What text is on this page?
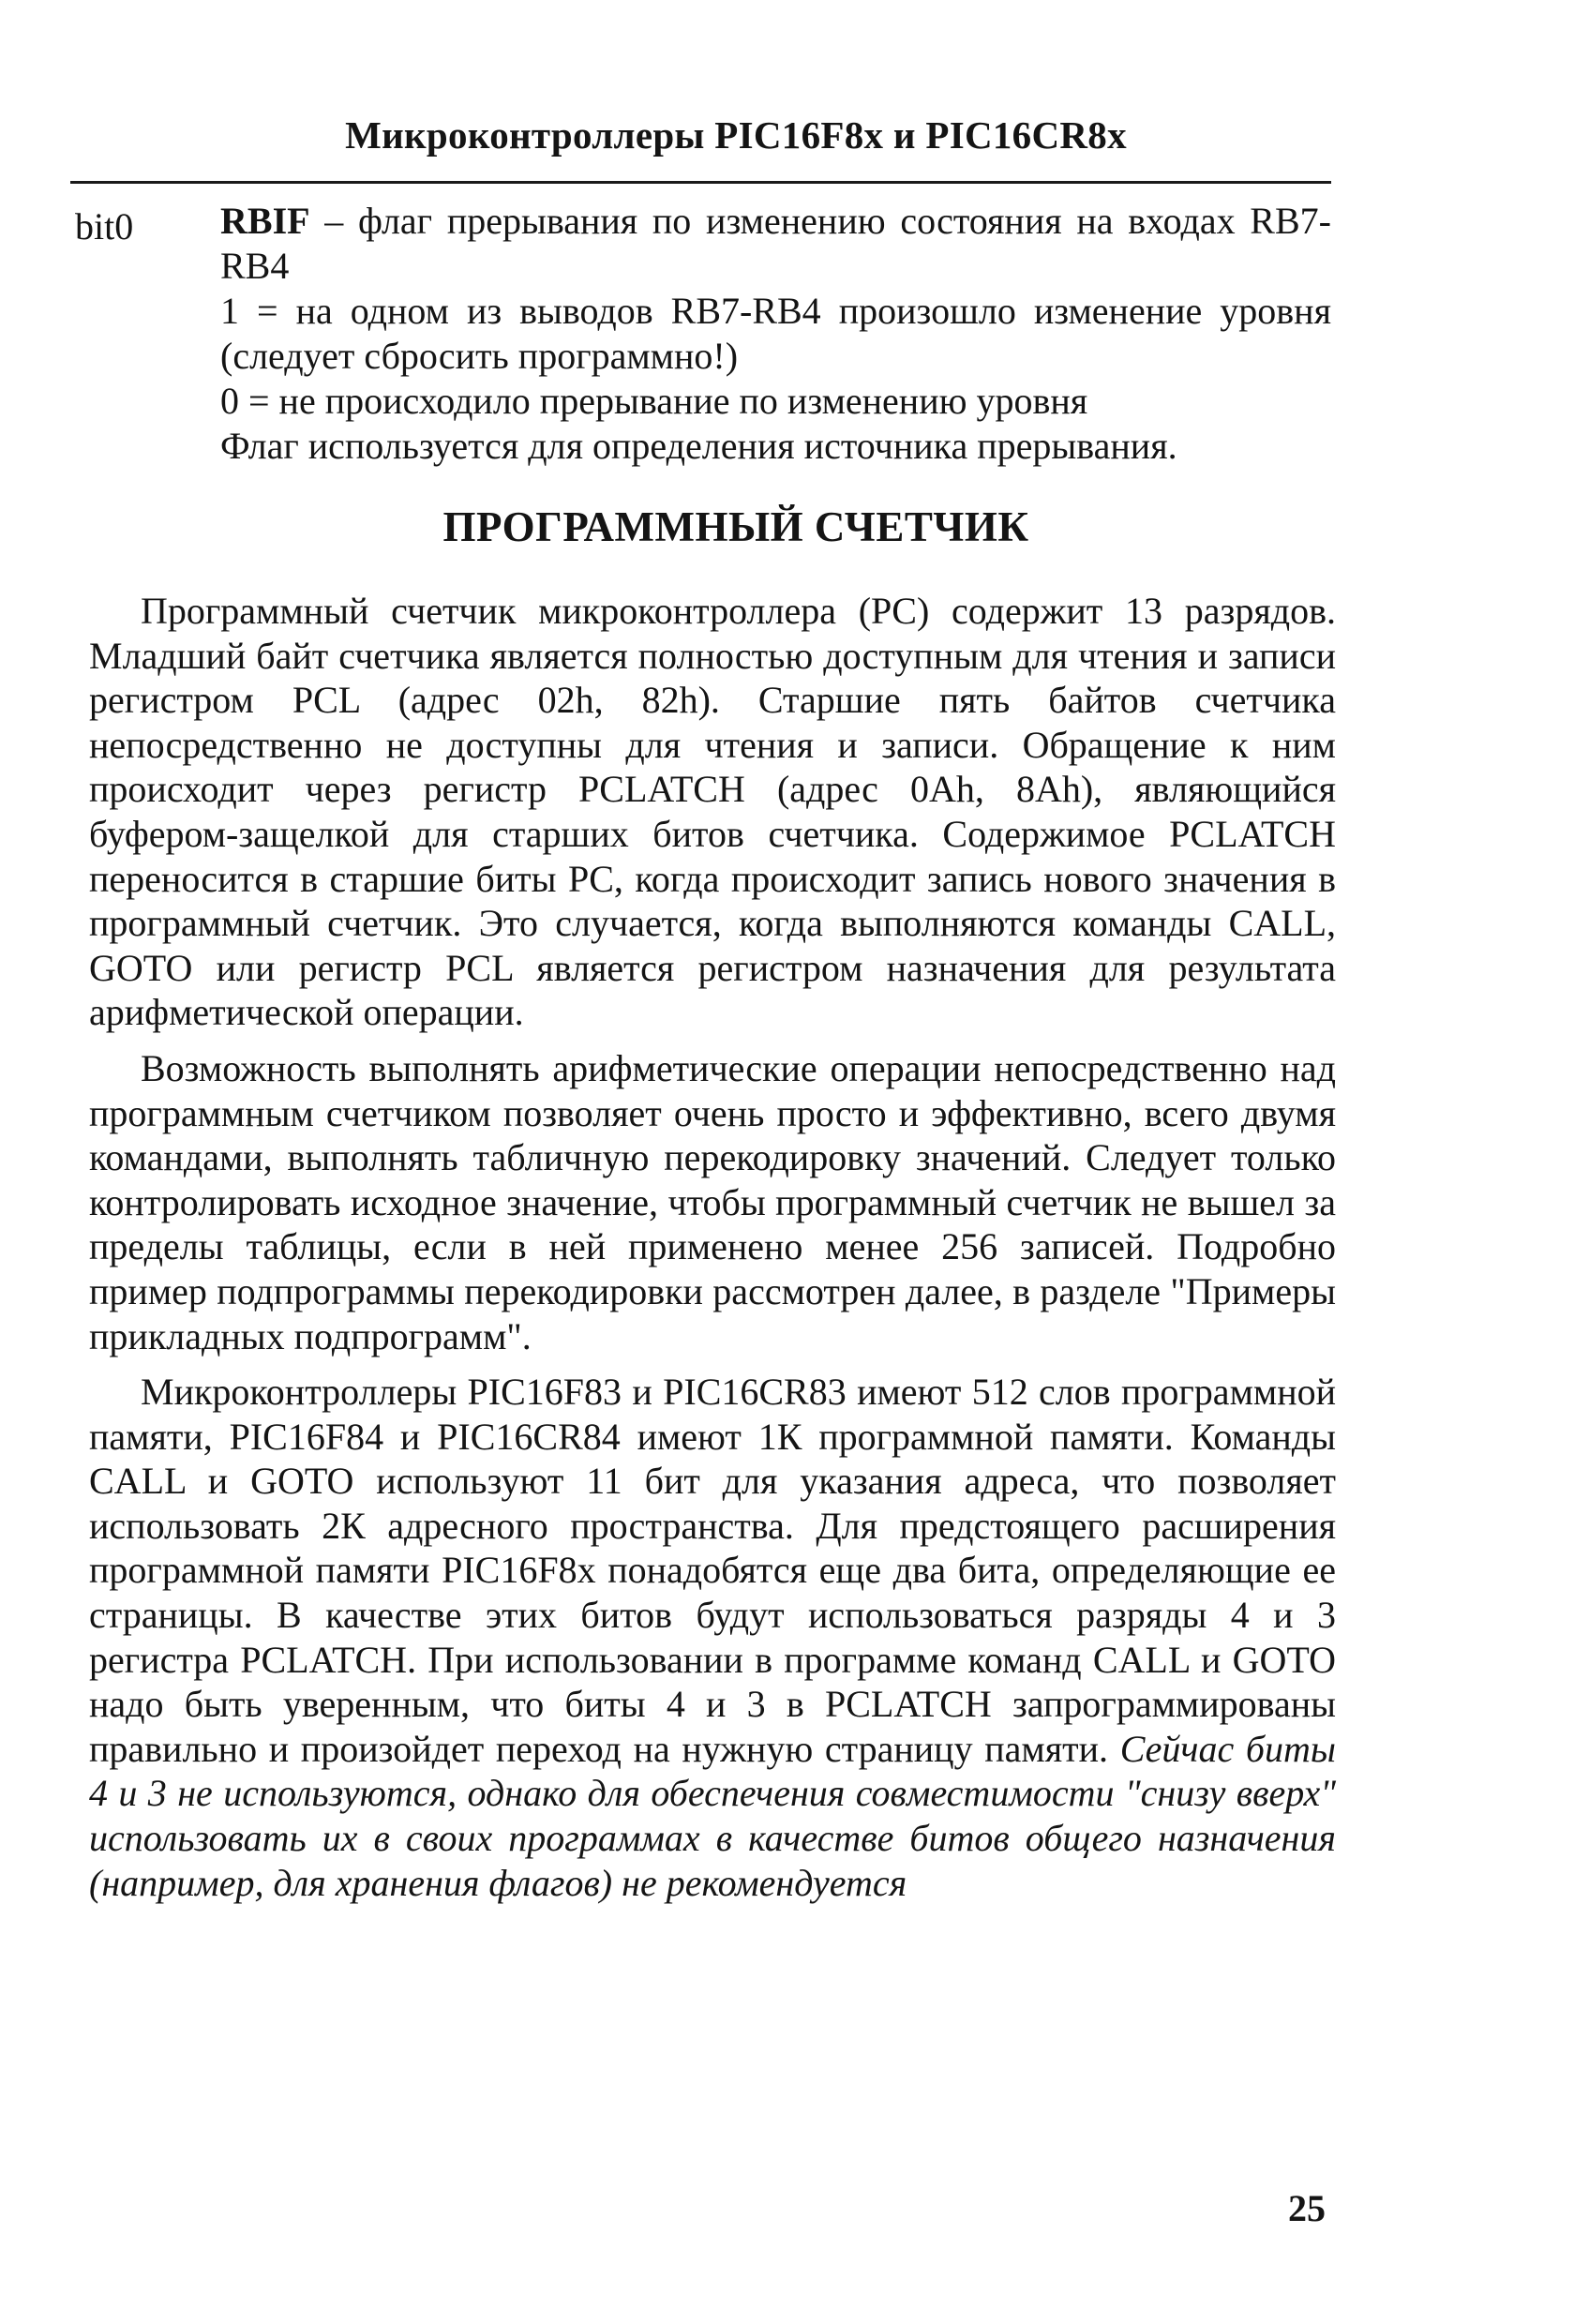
Микроконтроллеры PIC16F8x и PIC16CR8x
bit0 RBIF – флаг прерывания по изменению состояния на входах RB7-RB4

1 = на одном из выводов RB7-RB4 произошло изменение уровня (следует сбросить программно!)

0 = не происходило прерывание по изменению уровня

Флаг используется для определения источника прерывания.

ПРОГРАММНЫЙ СЧЕТЧИК

Программный счетчик микроконтроллера (PC) содержит 13 разрядов. Младший байт счетчика является полностью доступным для чтения и записи регистром PCL (адрес 02h, 82h). Старшие пять байтов счетчика непосредственно не доступны для чтения и записи. Обращение к ним происходит через регистр PCLATCH (адрес 0Ah, 8Ah), являющийся буфером-защелкой для старших битов счетчика. Содержимое PCLATCH переносится в старшие биты PC, когда происходит запись нового значения в программный счетчик. Это случается, когда выполняются команды CALL, GOTO или регистр PCL является регистром назначения для результата арифметической операции.

Возможность выполнять арифметические операции непосредственно над программным счетчиком позволяет очень просто и эффективно, всего двумя командами, выполнять табличную перекодировку значений. Следует только контролировать исходное значение, чтобы программный счетчик не вышел за пределы таблицы, если в ней применено менее 256 записей. Подробно пример подпрограммы перекодировки рассмотрен далее, в разделе "Примеры прикладных подпрограмм".

Микроконтроллеры PIC16F83 и PIC16CR83 имеют 512 слов программной памяти, PIC16F84 и PIC16CR84 имеют 1К программной памяти. Команды CALL и GOTO используют 11 бит для указания адреса, что позволяет использовать 2К адресного пространства. Для предстоящего расширения программной памяти PIC16F8x понадобятся еще два бита, определяющие ее страницы. В качестве этих битов будут использоваться разряды 4 и 3 регистра PCLATCH. При использовании в программе команд CALL и GOTO надо быть уверенным, что биты 4 и 3 в PCLATCH запрограммированы правильно и произойдет переход на нужную страницу памяти. Сейчас биты 4 и 3 не используются, однако для обеспечения совместимости "снизу вверх" использовать их в своих программах в качестве битов общего назначения (например, для хранения флагов) не рекомендуется

25
